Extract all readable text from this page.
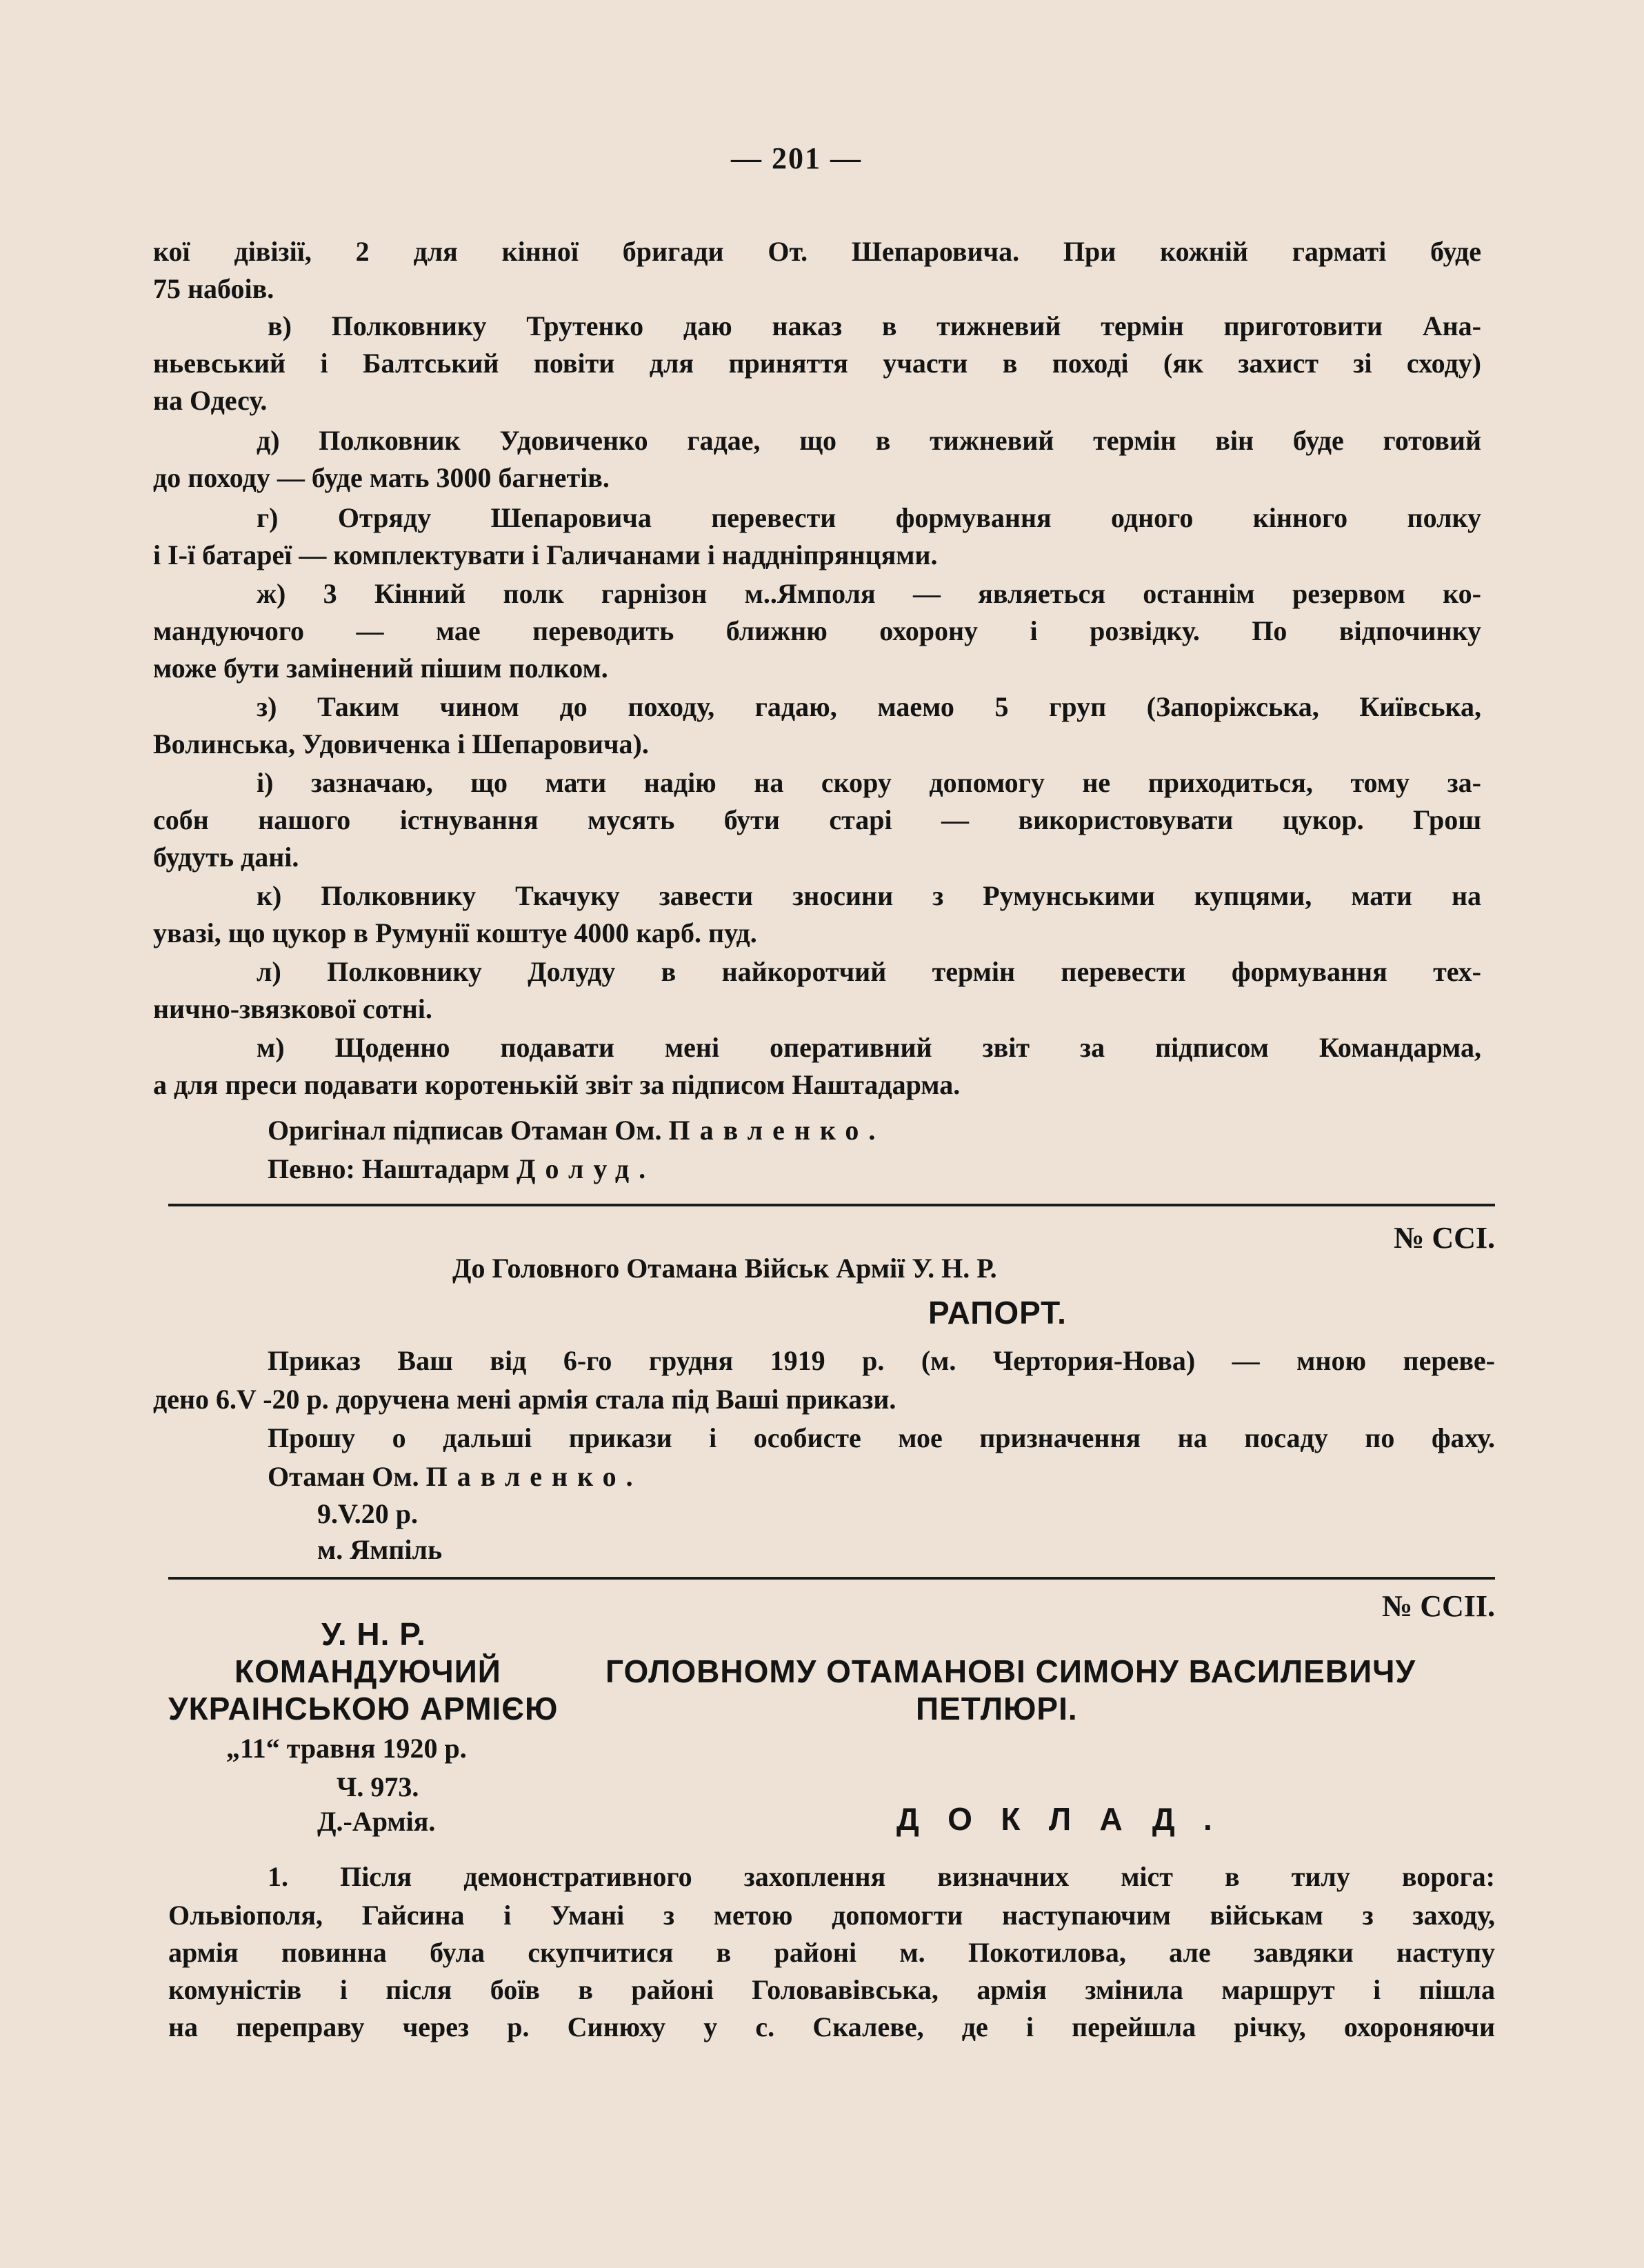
— 201 —
кої дівізії, 2 для кінної бригади От. Шепаровича. При кожній гарматі буде
75 набоів.
в) Полковнику Трутенко даю наказ в тижневий термін приготовити Ана-
ньевський і Балтський повіти для приняття участи в поході (як захист зі сходу)
на Одесу.
д) Полковник Удовиченко гадае, що в тижневий термін він буде готовий
до походу — буде мать 3000 багнетів.
г) Отряду Шепаровича перевести формування одного кінного полку
і І-ї батареї — комплектувати і Галичанами і наддніпрянцями.
ж) 3 Кінний полк гарнізон м..Ямполя — являеться останнім резервом ко-
мандуючого — мае переводить ближню охорону і розвідку. По відпочинку
може бути замінений пішим полком.
з) Таким чином до походу, гадаю, маемо 5 груп (Запоріжська, Київська,
Волинська, Удовиченка і Шепаровича).
і) зазначаю, що мати надію на скору допомогу не приходиться, тому за-
собн нашого істнування мусять бути старі — використовувати цукор. Грош
будуть дані.
к) Полковнику Ткачуку завести зносини з Румунськими купцями, мати на
увазі, що цукор в Румунії коштуе 4000 карб. пуд.
л) Полковнику Долуду в найкоротчий термін перевести формування тех-
нично-звязкової сотні.
м) Щоденно подавати мені оперативний звіт за підписом Командарма,
а для преси подавати коротенькій звіт за підписом Наштадарма.
Оригінал підписав Отаман Ом. Павленко.
Певно: Наштадарм Долуд.
№ ССІ.
До Головного Отамана Військ Армії У. Н. Р.
РАПОРТ.
Приказ Ваш від 6-го грудня 1919 р. (м. Чертория-Нова) — мною переве-
дено 6.V -20 р. доручена мені армія стала під Ваші прикази.
Прошу о дальші прикази і особисте мое призначення на посаду по фаху.
Отаман Ом. Павленко.
9.V.20 р.
м. Ямпіль
№ ССІІ.
У. Н. Р.
КОМАНДУЮЧИЙ	ГОЛОВНОМУ ОТАМАНОВІ СИМОНУ ВАСИЛЕВИЧУ
УКРАІНСЬКОЮ АРМІЄЮ	ПЕТЛЮРІ.
„11“ травня 1920 р.
Ч. 973.
Д.-Армія.	ДОКЛАД.
1. Після демонстративного захоплення визначних міст в тилу ворога:
Ольвіополя, Гайсина і Умані з метою допомогти наступаючим військам з заходу,
армія повинна була скупчитися в районі м. Покотилова, але завдяки наступу
комуністів і після боїв в районі Головавівська, армія змінила маршрут і пішла
на переправу через р. Синюху у с. Скалеве, де і перейшла річку, охороняючи
